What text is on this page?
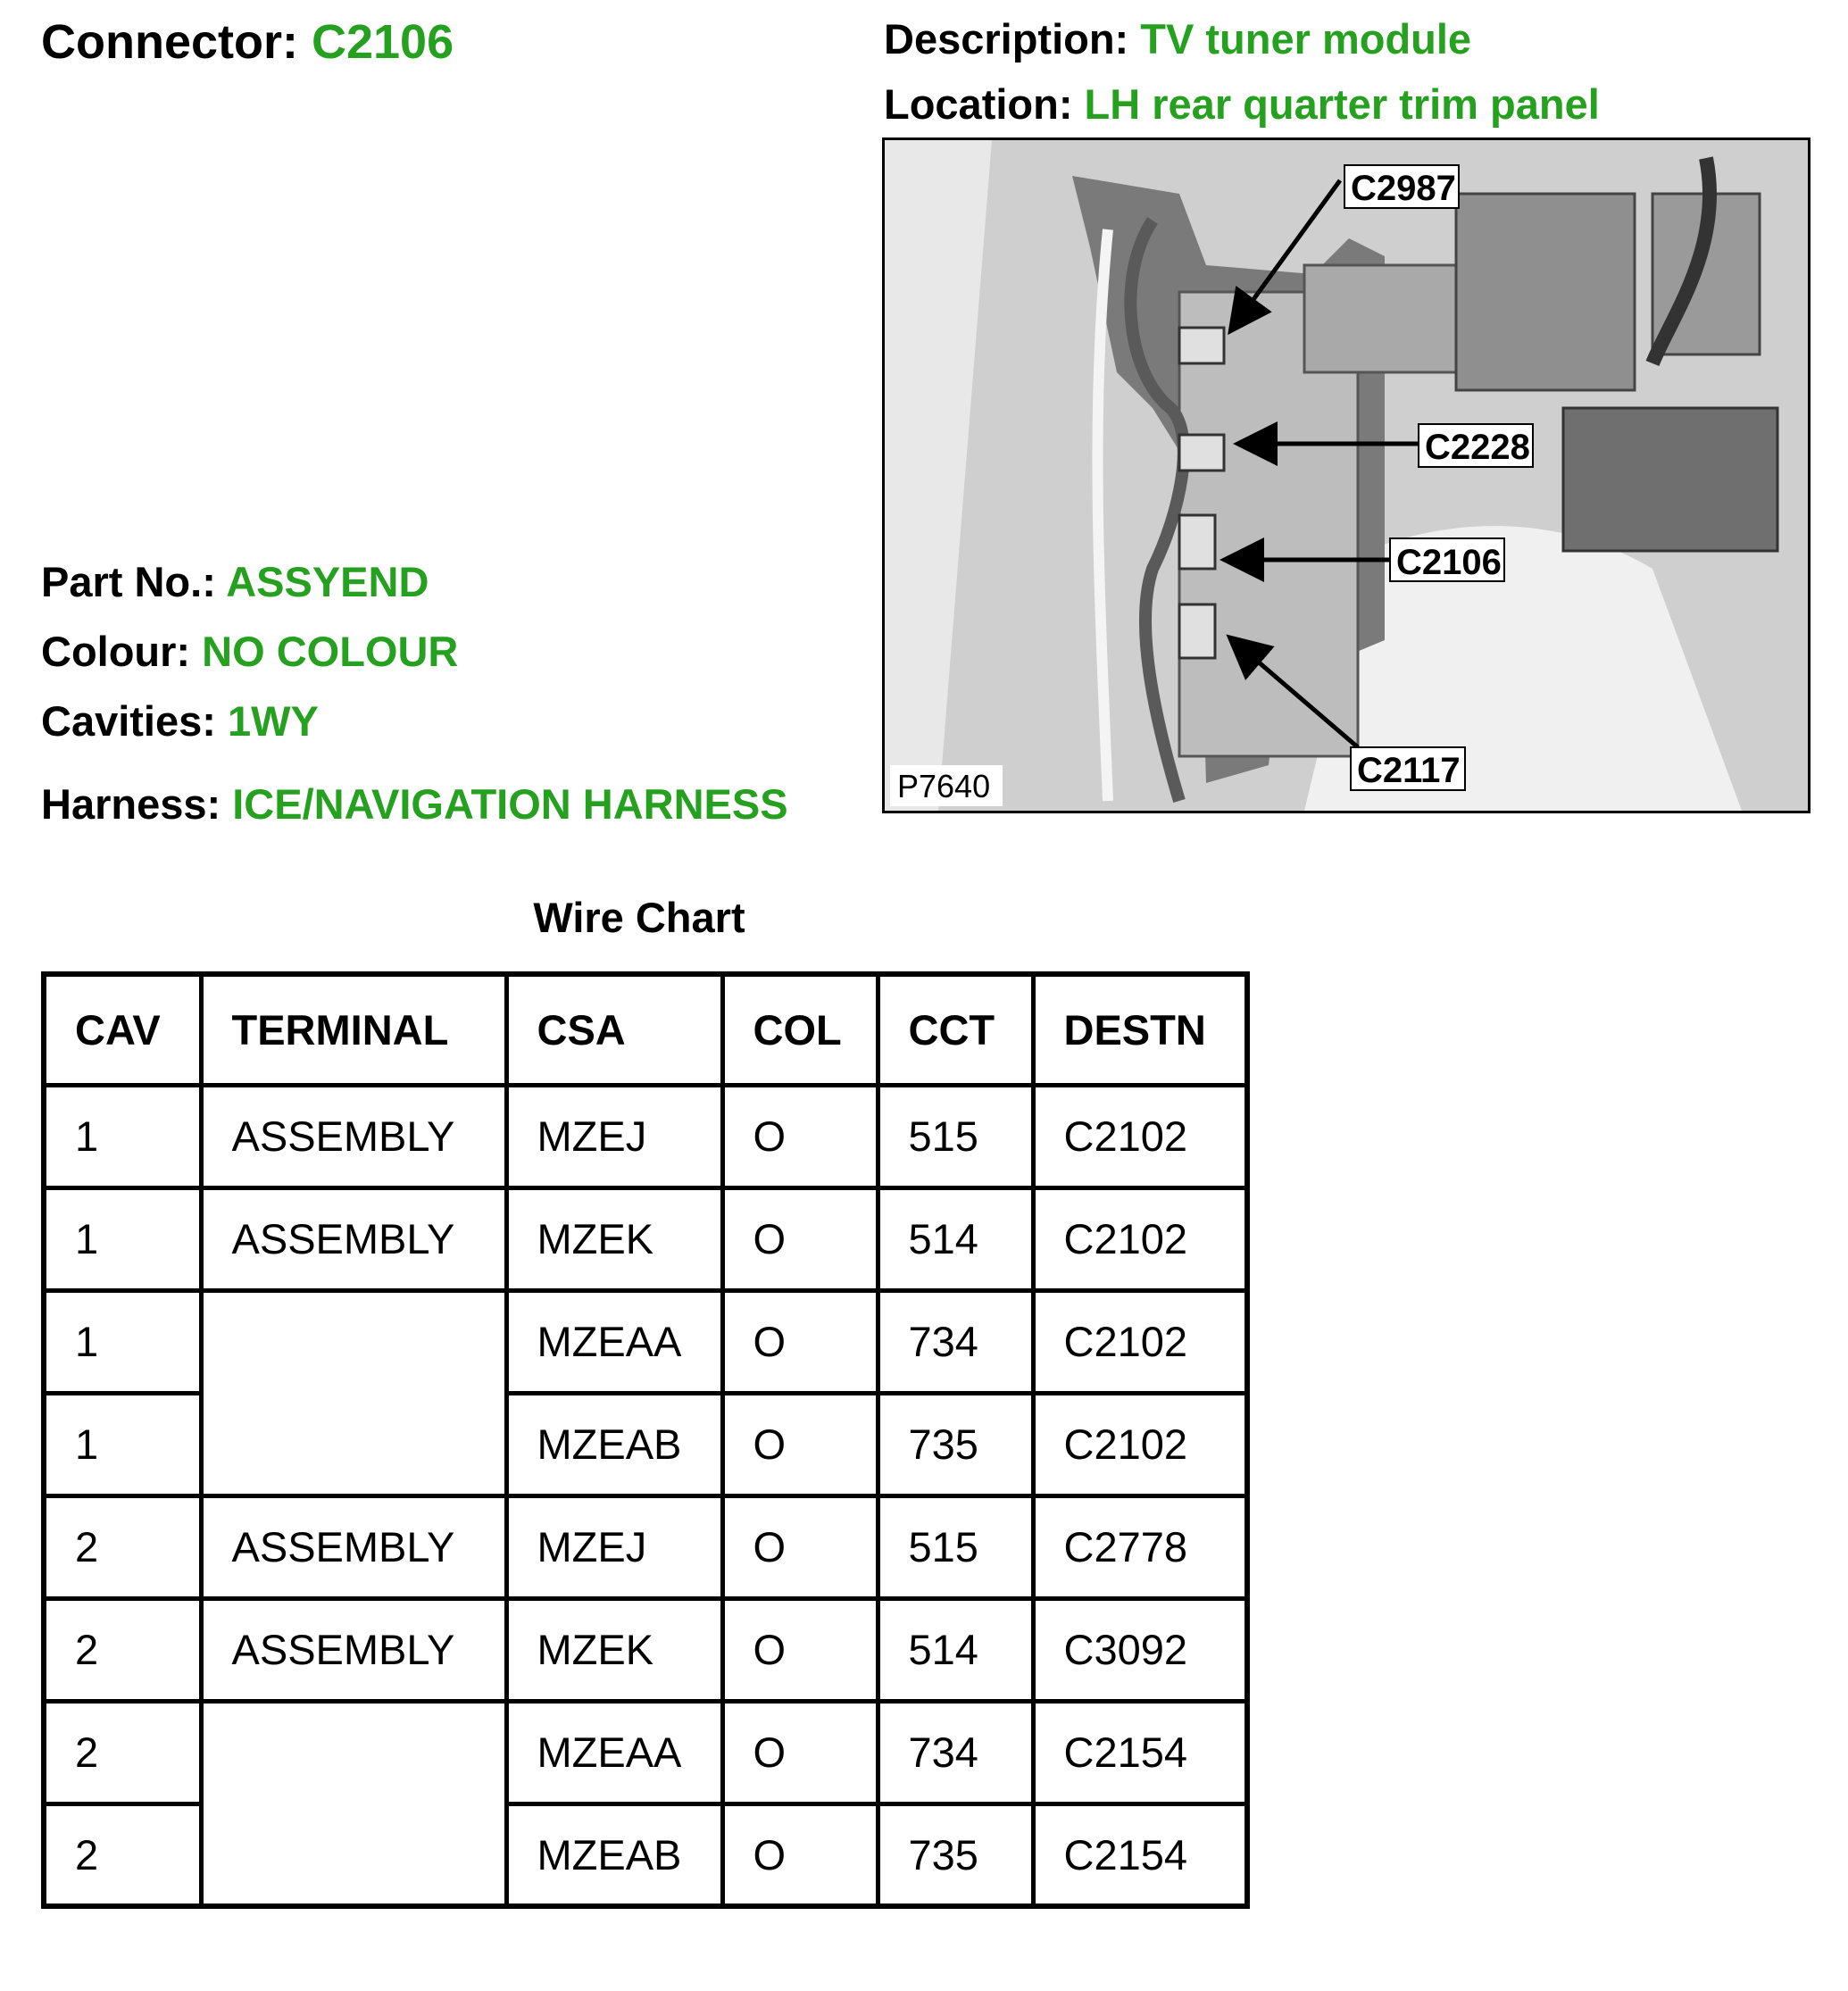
Connector: C2106	Description: TV tuner module
Location: LH rear quarter trim panel
Part No.: ASSYEND
Colour: NO COLOUR
Cavities: 1WY
Harness: ICE/NAVIGATION HARNESS
C2987
C2228
C2106
C2117
P7640
Wire Chart
CAV	TERMINAL	CSA	COL	CCT	DESTN
1	ASSEMBLY	MZEJ	O	515	C2102
1	ASSEMBLY	MZEK	O	514	C2102
1		MZEAA	O	734	C2102
1		MZEAB	O	735	C2102
2	ASSEMBLY	MZEJ	O	515	C2778
2	ASSEMBLY	MZEK	O	514	C3092
2		MZEAA	O	734	C2154
2		MZEAB	O	735	C2154
